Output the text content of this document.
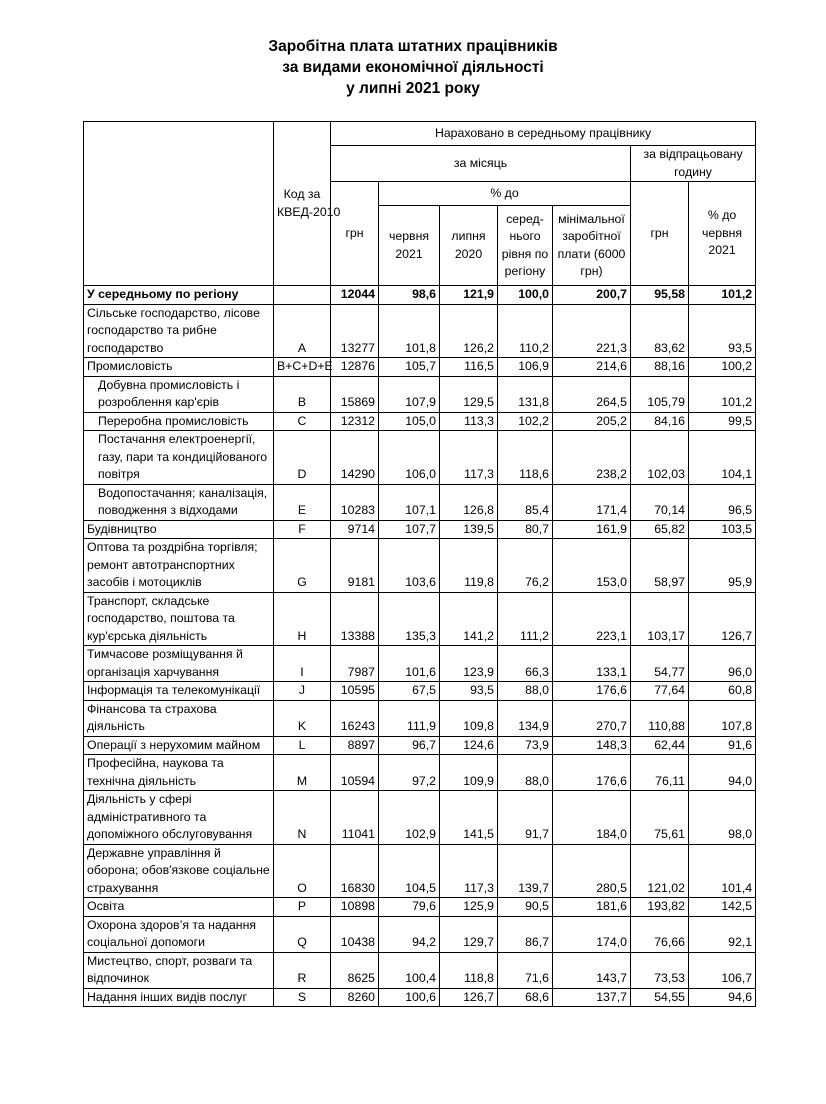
Заробітна плата штатних працівників
за видами економічної діяльності
у липні 2021 року
	Код за КВЕД-2010	Нараховано в середньому працівнику						
		за місяць					за відпрацьовану годину	
		грн	% до				грн	% до червня 2021
			червня 2021	липня 2020	серед-нього рівня по регіону	мінімальної заробітної плати (6000 грн)		
У середньому по регіону		12044	98,6	121,9	100,0	200,7	95,58	101,2
Сільське господарство, лісове господарство та рибне господарство	A	13277	101,8	126,2	110,2	221,3	83,62	93,5
Промисловість	B+C+D+E	12876	105,7	116,5	106,9	214,6	88,16	100,2
Добувна промисловість і розроблення кар'єрів	B	15869	107,9	129,5	131,8	264,5	105,79	101,2
Переробна промисловість	C	12312	105,0	113,3	102,2	205,2	84,16	99,5
Постачання електроенергії, газу, пари та кондиційованого повітря	D	14290	106,0	117,3	118,6	238,2	102,03	104,1
Водопостачання; каналізація, поводження з відходами	E	10283	107,1	126,8	85,4	171,4	70,14	96,5
Будівництво	F	9714	107,7	139,5	80,7	161,9	65,82	103,5
Оптова та роздрібна торгівля; ремонт автотранспортних засобів і мотоциклів	G	9181	103,6	119,8	76,2	153,0	58,97	95,9
Транспорт, складське господарство, поштова та кур'єрська діяльність	H	13388	135,3	141,2	111,2	223,1	103,17	126,7
Тимчасове розміщування й організація харчування	I	7987	101,6	123,9	66,3	133,1	54,77	96,0
Інформація та телекомунікації	J	10595	67,5	93,5	88,0	176,6	77,64	60,8
Фінансова та страхова діяльність	K	16243	111,9	109,8	134,9	270,7	110,88	107,8
Операції з нерухомим майном	L	8897	96,7	124,6	73,9	148,3	62,44	91,6
Професійна, наукова та технічна діяльність	M	10594	97,2	109,9	88,0	176,6	76,11	94,0
Діяльність у сфері адміністративного та допоміжного обслуговування	N	11041	102,9	141,5	91,7	184,0	75,61	98,0
Державне управління й оборона; обов'язкове соціальне страхування	O	16830	104,5	117,3	139,7	280,5	121,02	101,4
Освіта	P	10898	79,6	125,9	90,5	181,6	193,82	142,5
Охорона здоров’я та надання соціальної допомоги	Q	10438	94,2	129,7	86,7	174,0	76,66	92,1
Мистецтво, спорт, розваги та відпочинок	R	8625	100,4	118,8	71,6	143,7	73,53	106,7
Надання інших видів послуг	S	8260	100,6	126,7	68,6	137,7	54,55	94,6
